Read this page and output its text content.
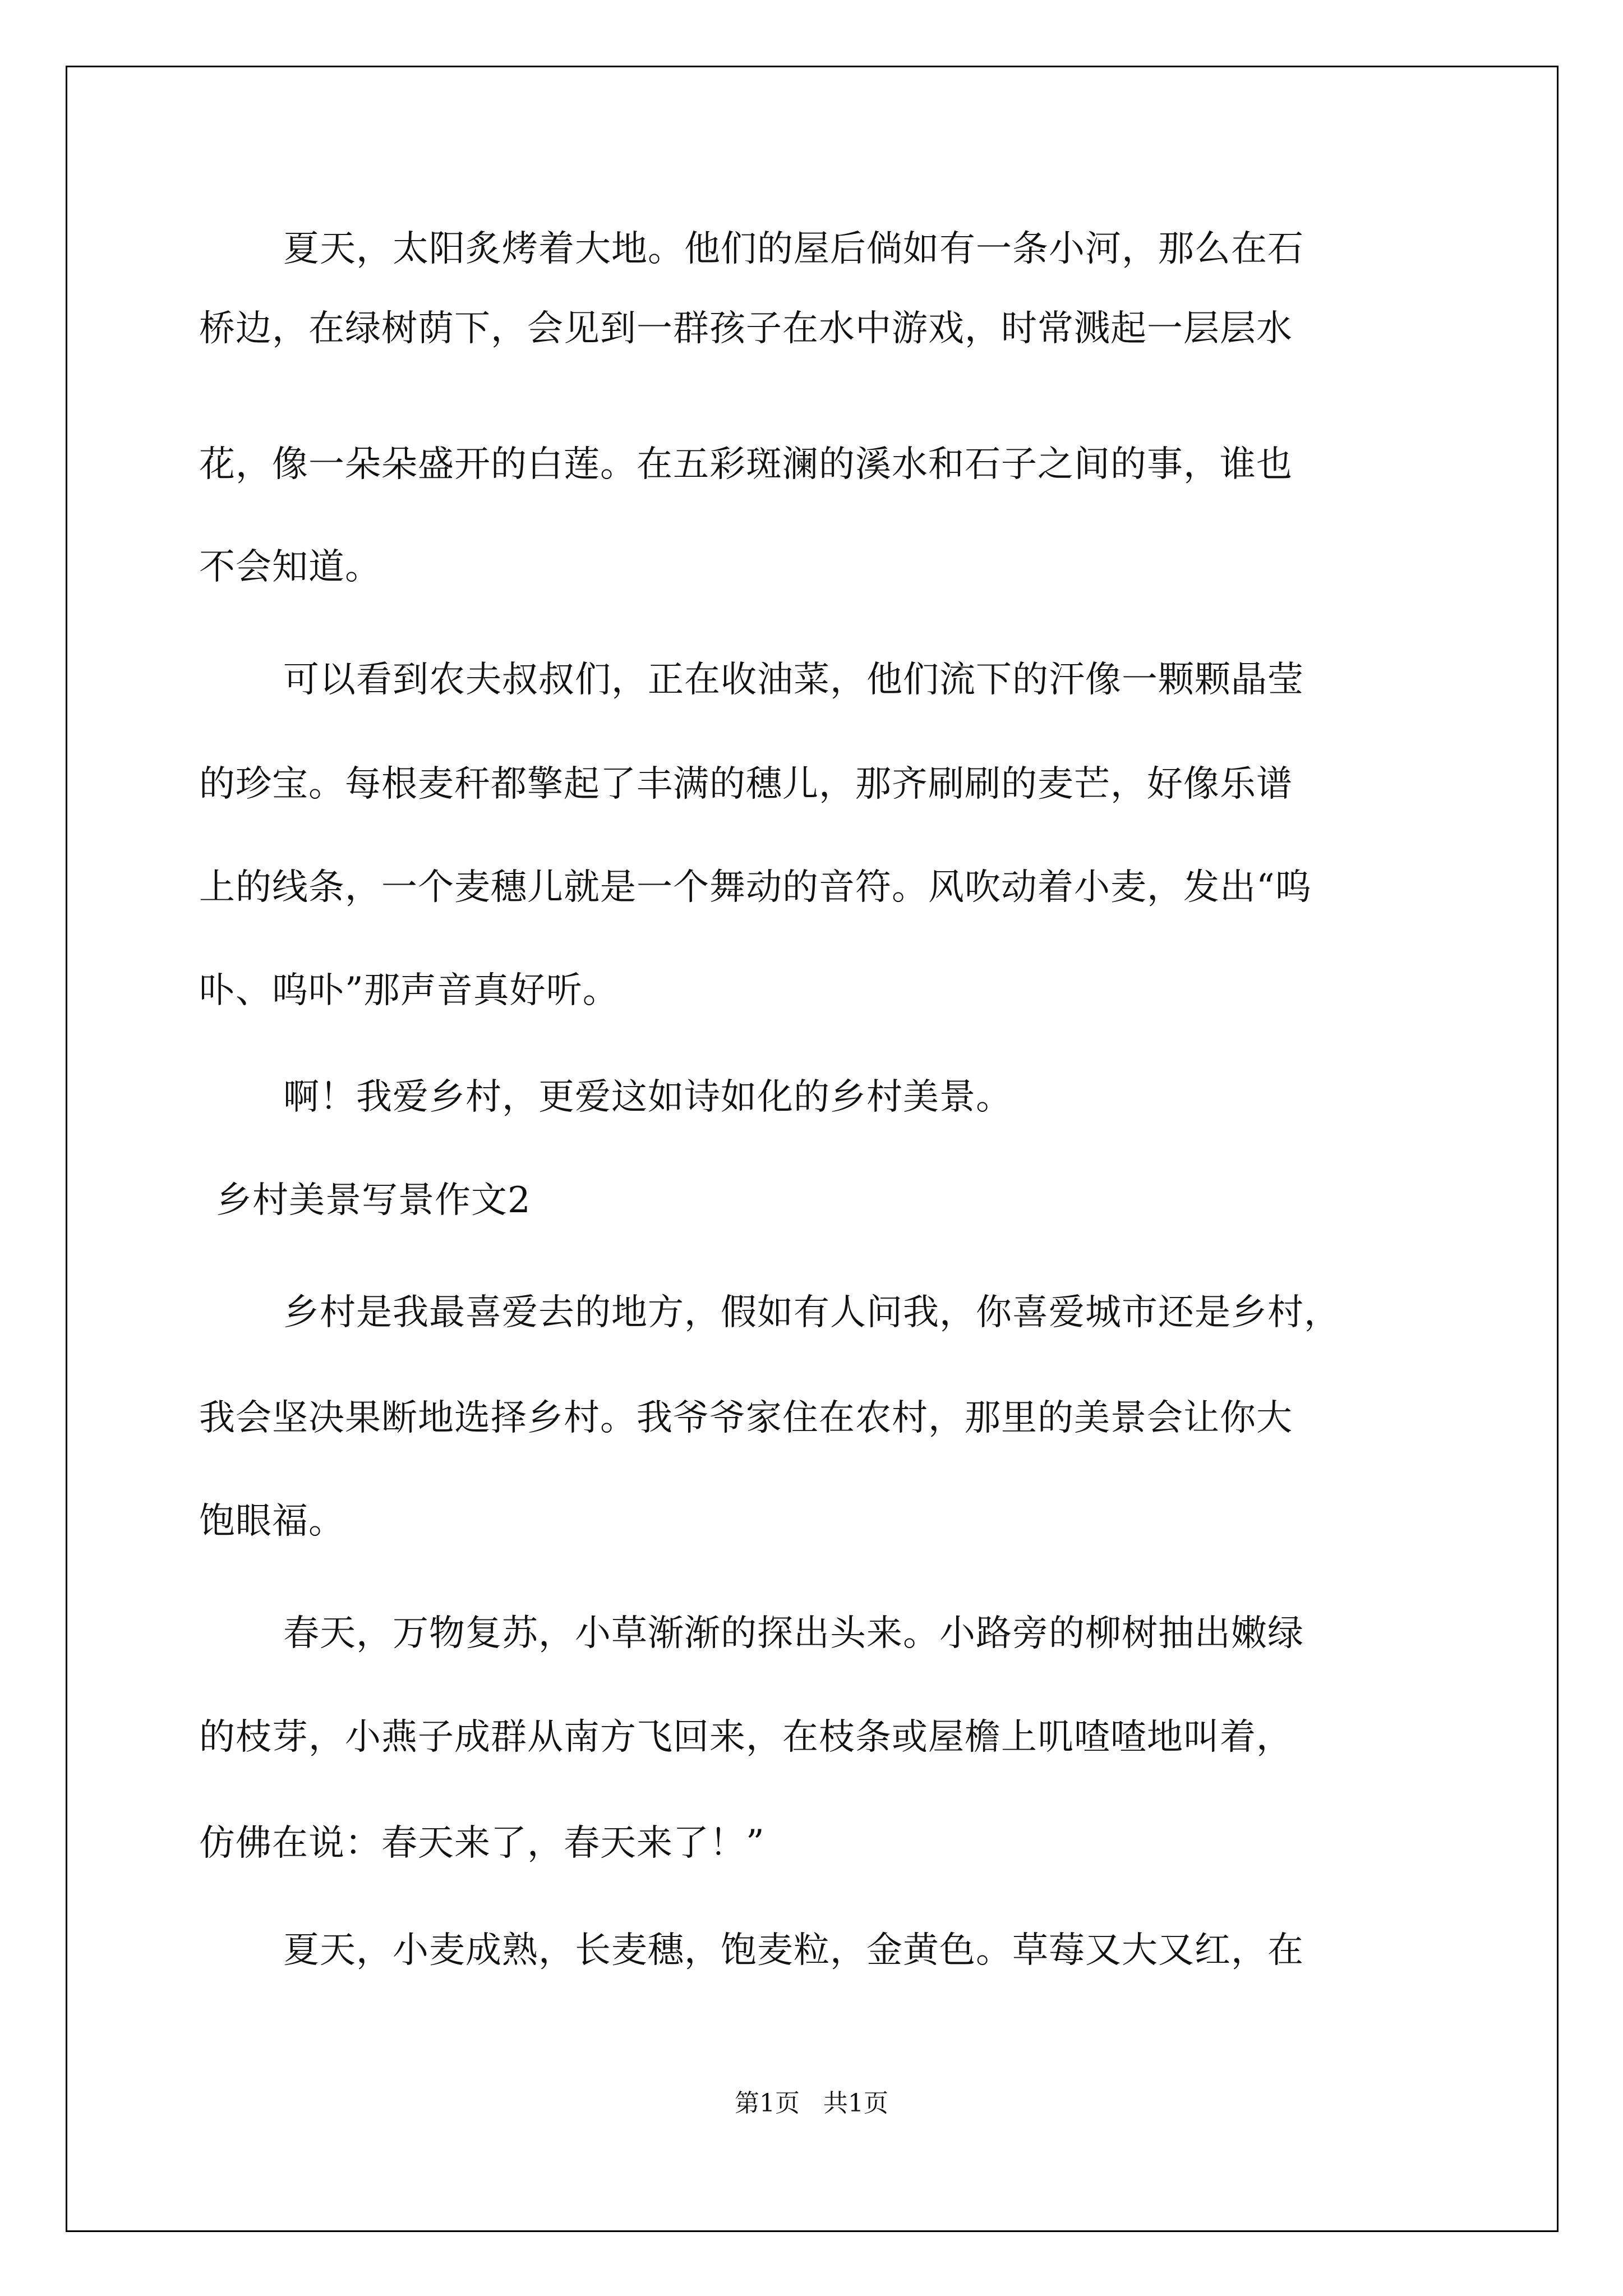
夏天，太阳炙烤着大地。他们的屋后倘如有一条小河，那么在石
桥边，在绿树荫下，会见到一群孩子在水中游戏，时常溅起一层层水
花，像一朵朵盛开的白莲。在五彩斑澜的溪水和石子之间的事，谁也
不会知道。
可以看到农夫叔叔们，正在收油菜，他们流下的汗像一颗颗晶莹
的珍宝。每根麦秆都擎起了丰满的穗儿，那齐刷刷的麦芒，好像乐谱
上的线条，一个麦穗儿就是一个舞动的音符。风吹动着小麦，发出“呜
卟、呜卟”那声音真好听。
啊！我爱乡村，更爱这如诗如化的乡村美景。
乡村美景写景作文2
乡村是我最喜爱去的地方，假如有人问我，你喜爱城市还是乡村，
我会坚决果断地选择乡村。我爷爷家住在农村，那里的美景会让你大
饱眼福。
春天，万物复苏，小草渐渐的探出头来。小路旁的柳树抽出嫩绿
的枝芽，小燕子成群从南方飞回来，在枝条或屋檐上叽喳喳地叫着，
仿佛在说：春天来了，春天来了！”
夏天，小麦成熟，长麦穗，饱麦粒，金黄色。草莓又大又红，在
第1页   共1页
